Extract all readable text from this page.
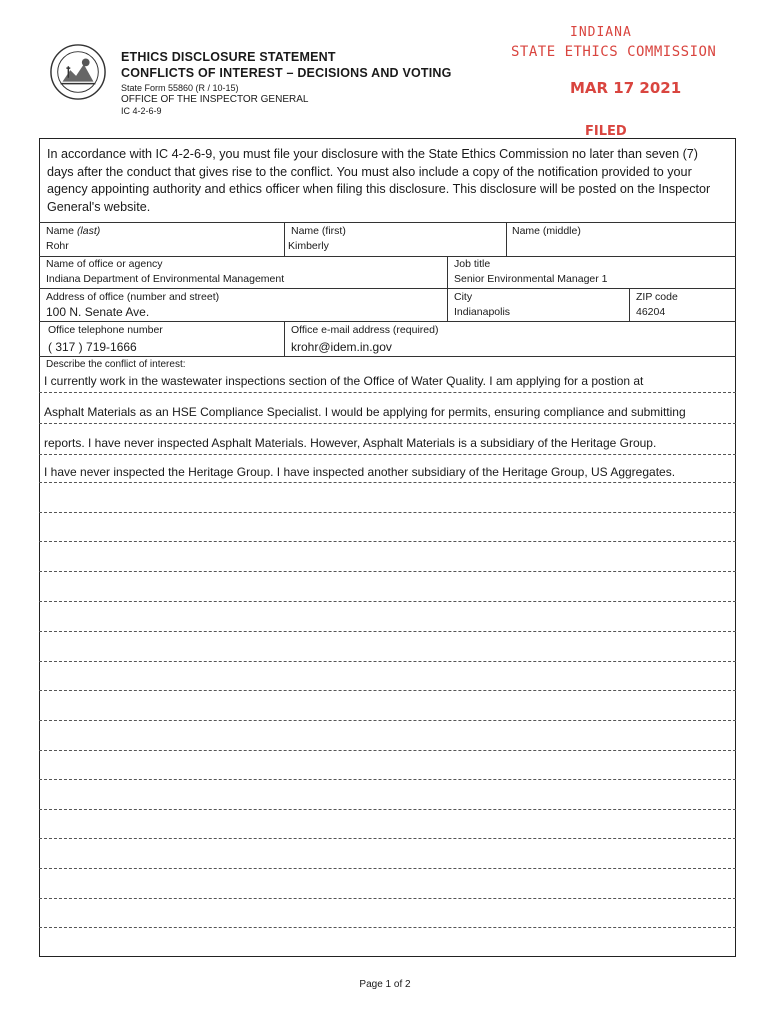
ETHICS DISCLOSURE STATEMENT
CONFLICTS OF INTEREST – DECISIONS AND VOTING
State Form 55860 (R / 10-15)
OFFICE OF THE INSPECTOR GENERAL
IC 4-2-6-9
INDIANA
STATE ETHICS COMMISSION
MAR 17 2021
FILED
In accordance with IC 4-2-6-9, you must file your disclosure with the State Ethics Commission no later than seven (7) days after the conduct that gives rise to the conflict. You must also include a copy of the notification provided to your agency appointing authority and ethics officer when filing this disclosure. This disclosure will be posted on the Inspector General's website.
Name (last)
Rohr
Name (first)
Kimberly
Name (middle)
Name of office or agency
Indiana Department of Environmental Management
Job title
Senior Environmental Manager 1
Address of office (number and street)
100 N. Senate Ave.
City
Indianapolis
ZIP code
46204
Office telephone number
( 317 ) 719-1666
Office e-mail address (required)
krohr@idem.in.gov
Describe the conflict of interest:
I currently work in the wastewater inspections section of the Office of Water Quality. I am applying for a postion at
Asphalt Materials as an HSE Compliance Specialist. I would be applying for permits, ensuring compliance and submitting
reports. I have never inspected Asphalt Materials. However, Asphalt Materials is a subsidiary of the Heritage Group.
I have never inspected the Heritage Group. I have inspected another subsidiary of the Heritage Group, US Aggregates.
Page 1 of 2
